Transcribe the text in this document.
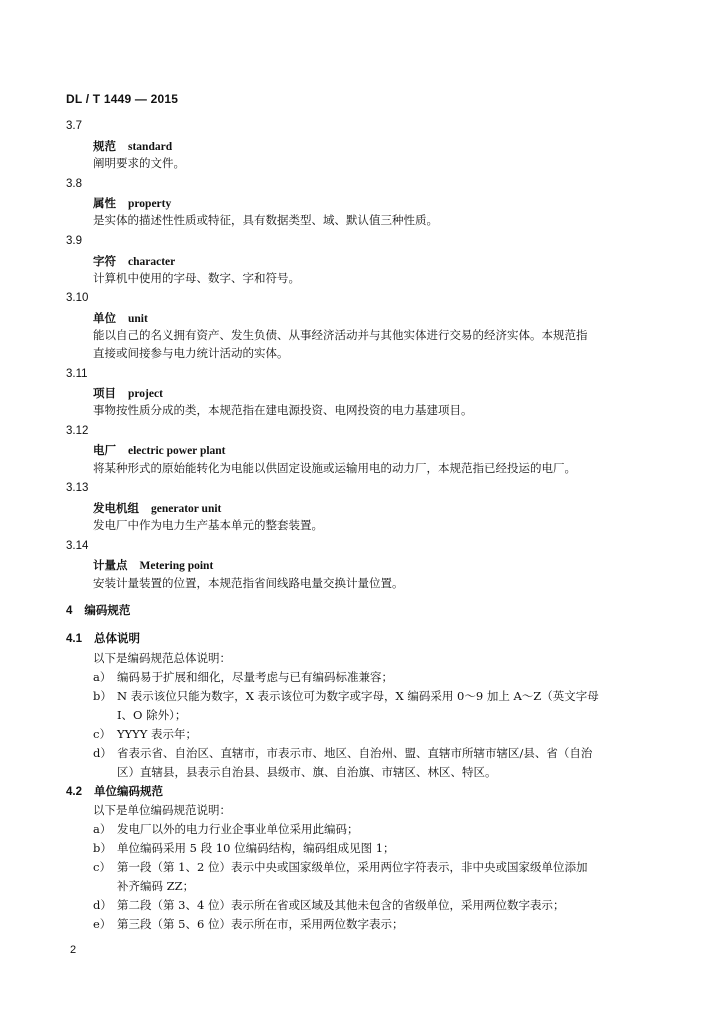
DL / T 1449 — 2015
3.7
规范 standard
阐明要求的文件。
3.8
属性 property
是实体的描述性性质或特征，具有数据类型、域、默认值三种性质。
3.9
字符 character
计算机中使用的字母、数字、字和符号。
3.10
单位 unit
能以自己的名义拥有资产、发生负债、从事经济活动并与其他实体进行交易的经济实体。本规范指
直接或间接参与电力统计活动的实体。
3.11
项目 project
事物按性质分成的类，本规范指在建电源投资、电网投资的电力基建项目。
3.12
电厂 electric power plant
将某种形式的原始能转化为电能以供固定设施或运输用电的动力厂，本规范指已经投运的电厂。
3.13
发电机组 generator unit
发电厂中作为电力生产基本单元的整套装置。
3.14
计量点 Metering point
安装计量装置的位置，本规范指省间线路电量交换计量位置。
4 编码规范
4.1 总体说明
以下是编码规范总体说明：
a） 编码易于扩展和细化，尽量考虑与已有编码标准兼容；
b） N 表示该位只能为数字，X 表示该位可为数字或字母，X 编码采用 0～9 加上 A～Z（英文字母
I、O 除外）；
c） YYYY 表示年；
d） 省表示省、自治区、直辖市，市表示市、地区、自治州、盟、直辖市所辖市辖区/县、省（自治
区）直辖县，县表示自治县、县级市、旗、自治旗、市辖区、林区、特区。
4.2 单位编码规范
以下是单位编码规范说明：
a） 发电厂以外的电力行业企事业单位采用此编码；
b） 单位编码采用 5 段 10 位编码结构，编码组成见图 1；
c） 第一段（第 1、2 位）表示中央或国家级单位，采用两位字符表示，非中央或国家级单位添加
补齐编码 ZZ；
d） 第二段（第 3、4 位）表示所在省或区域及其他未包含的省级单位，采用两位数字表示；
e） 第三段（第 5、6 位）表示所在市，采用两位数字表示；
2
